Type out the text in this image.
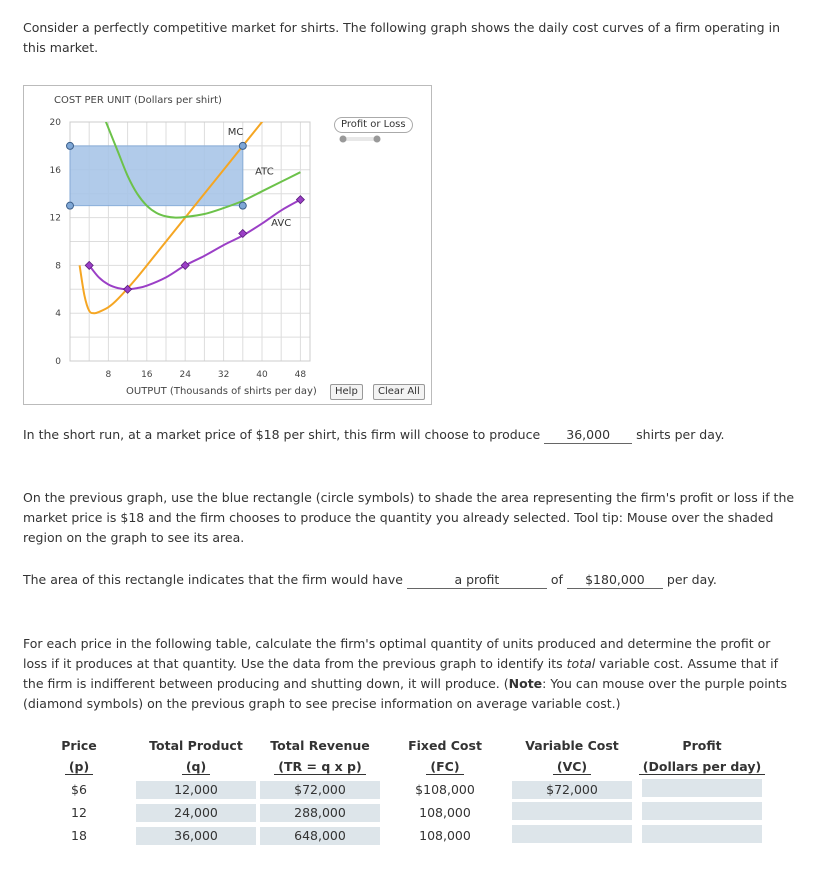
Consider a perfectly competitive market for shirts. The following graph shows the daily cost curves of a firm operating in this market.
COST PER UNIT (Dollars per shirt)
OUTPUT (Thousands of shirts per day)
0
4
8
12
16
20
8	16	24	32	40	48
MC
ATC
AVC
Profit or Loss
Help	Clear All
In the short run, at a market price of $18 per shirt, this firm will choose to produce 36,000 shirts per day.
On the previous graph, use the blue rectangle (circle symbols) to shade the area representing the firm's profit or loss if the market price is $18 and the firm chooses to produce the quantity you already selected. Tool tip: Mouse over the shaded region on the graph to see its area.
The area of this rectangle indicates that the firm would have	a profit	of $180,000 per day.
For each price in the following table, calculate the firm's optimal quantity of units produced and determine the profit or loss if it produces at that quantity. Use the data from the previous graph to identify its total variable cost. Assume that if the firm is indifferent between producing and shutting down, it will produce. (Note: You can mouse over the purple points (diamond symbols) on the previous graph to see precise information on average variable cost.)
Price	Total Product	Total Revenue	Fixed Cost	Variable Cost	Profit
(p)	(q)	(TR = q x p)	(FC)	(VC)	(Dollars per day)
$6	12,000	$72,000	$108,000	$72,000	
12	24,000	288,000	108,000		
18	36,000	648,000	108,000		
